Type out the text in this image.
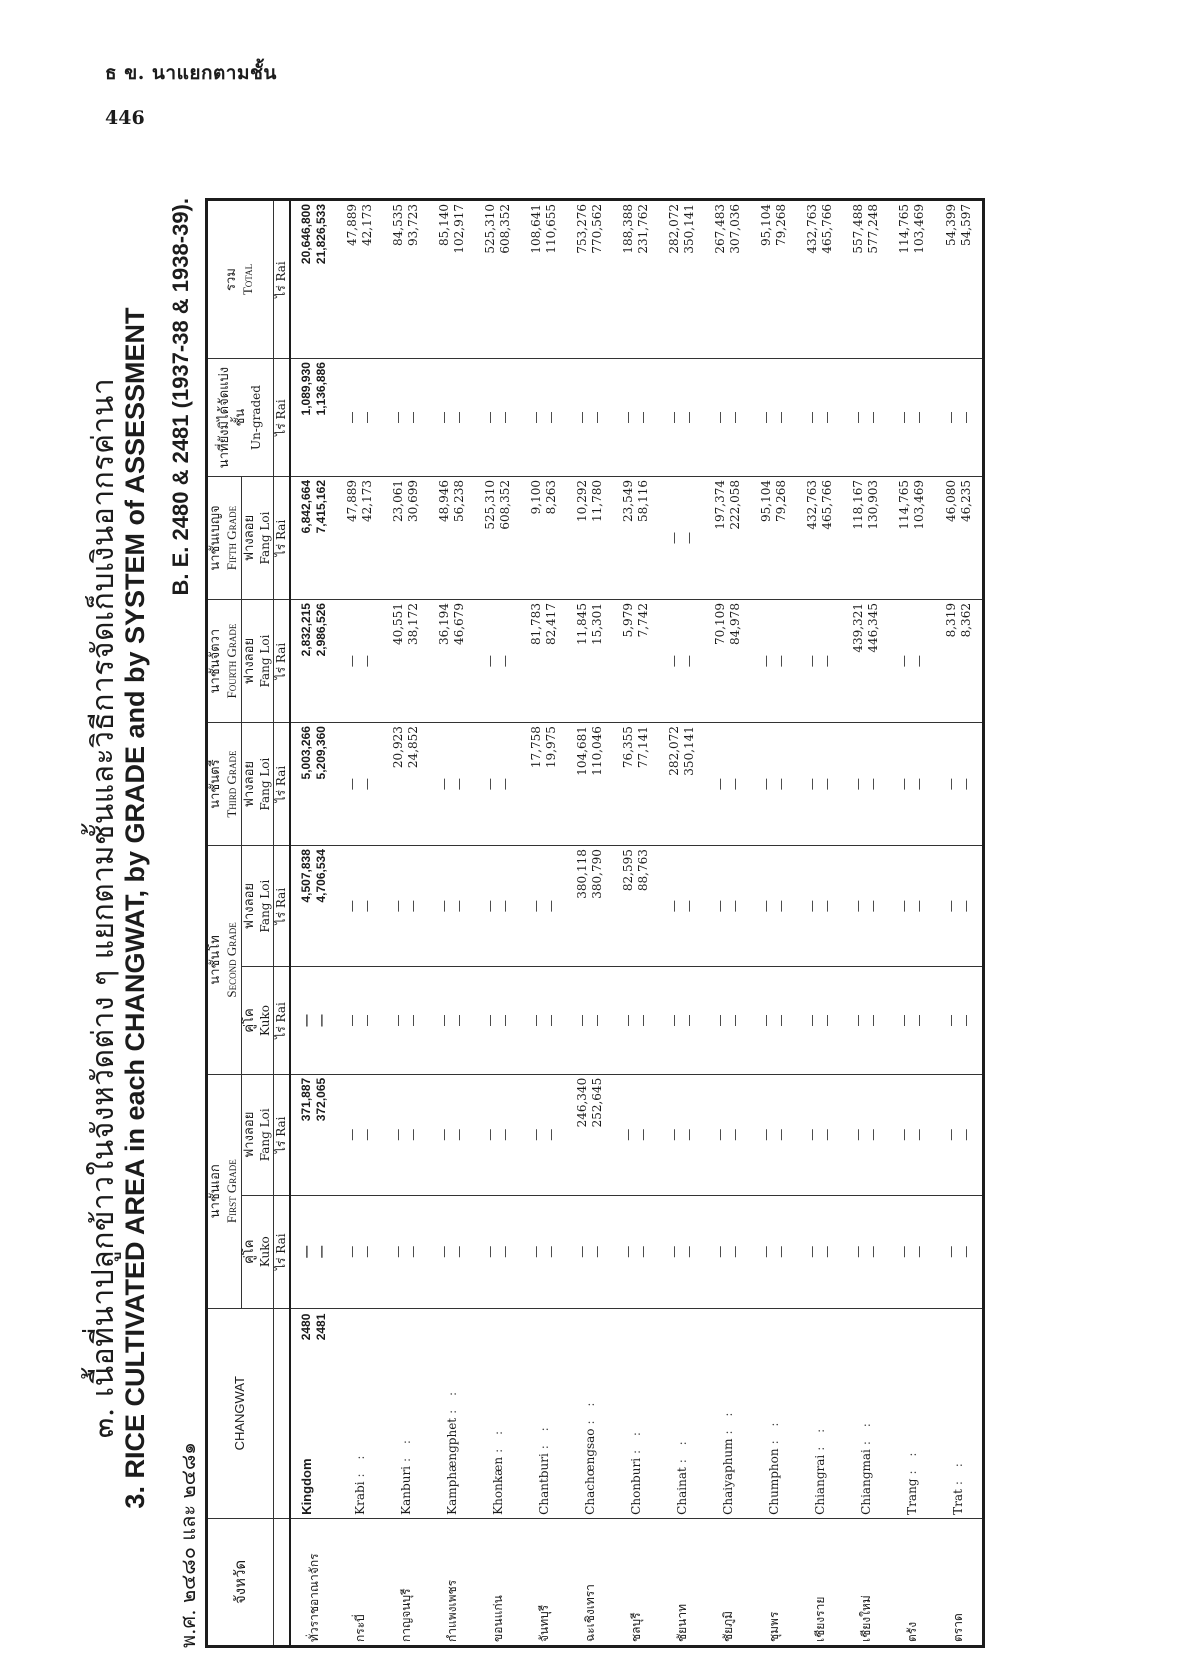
ธ ข. นาแยกตามชั้น
446
๓. เนื้อที่นาปลูกข้าวในจังหวัดต่าง ๆ แยกตามชั้นและวิธีการจัดเก็บเงินอากรค่านา 3. RICE CULTIVATED AREA in each CHANGWAT, by GRADE and by SYSTEM of ASSESSMENT
พ.ศ. ๒๔๘๐ และ ๒๔๘๑
B. E. 2480 & 2481 (1937-38 & 1938-39).
จังหวัด	CHANGWAT	นาชั้นเอก First Grade		นาชั้นโท Second Grade		นาชั้นตรี Third Grade	นาชั้นจัตวา Fourth Grade	นาชั้นเบญจ Fifth Grade	นาที่ยังมิได้จัดแบ่งชั้น Un-graded	รวม Total

		คู่โค Kuko	ฟางลอย Fang Loi	คู่โค Kuko	ฟางลอย Fang Loi	ฟางลอย Fang Loi	ฟางลอย Fang Loi	ฟางลอย Fang Loi		

		ไร่ Rai	ไร่ Rai	ไร่ Rai	ไร่ Rai	ไร่ Rai	ไร่ Rai	ไร่ Rai	ไร่ Rai	ไร่ Rai
ทั่วราชอาณาจักร	Kingdom
2480 2481	— —	371,887 372,065	— —	4,507,838 4,706,534	5,003,266 5,209,360	2,832,215 2,986,526	6,842,664 7,415,162	1,089,930 1,136,886	20,646,800 21,826,533

กระบี่	Krabi: :	— —	— —	— —	— —	— —	— —	47,889 42,173	— —	47,889 42,173

กาญจนบุรี	Kanburi: :	— —	— —	— —	— —	20,923 24,852	40,551 38,172	23,061 30,699	— —	84,535 93,723

กำแพงเพชร	Kamphængphet: :	— —	— —	— —	— —	— —	36,194 46,679	48,946 56,238	— —	85,140 102,917

ขอนแก่น	Khonkæn: :	— —	— —	— —	— —	— —	— —	525,310 608,352	— —	525,310 608,352

จันทบุรี	Chantburi: :	— —	— —	— —	— —	17,758 19,975	81,783 82,417	9,100 8,263	— —	108,641 110,655

ฉะเชิงเทรา	Chachœngsao: :	— —	246,340 252,645	— —	380,118 380,790	104,681 110,046	11,845 15,301	10,292 11,780	— —	753,276 770,562

ชลบุรี	Chonburi: :	— —	— —	— —	82,595 88,763	76,355 77,141	5,979 7,742	23,549 58,116	— —	188,388 231,762

ชัยนาท	Chainat: :	— —	— —	— —	— —	282,072 350,141	— —	— —	— —	282,072 350,141

ชัยภูมิ	Chaiyaphum: :	— —	— —	— —	— —	— —	70,109 84,978	197,374 222,058	— —	267,483 307,036

ชุมพร	Chumphon: :	— —	— —	— —	— —	— —	— —	95,104 79,268	— —	95,104 79,268

เชียงราย	Chiangrai: :	— —	— —	— —	— —	— —	— —	432,763 465,766	— —	432,763 465,766

เชียงใหม่	Chiangmai: :	— —	— —	— —	— —	— —	439,321 446,345	118,167 130,903	— —	557,488 577,248

ตรัง	Trang: :	— —	— —	— —	— —	— —	— —	114,765 103,469	— —	114,765 103,469

ตราด	Trat: :	— —	— —	— —	— —	— —	8,319 8,362	46,080 46,235	— —	54,399 54,597
